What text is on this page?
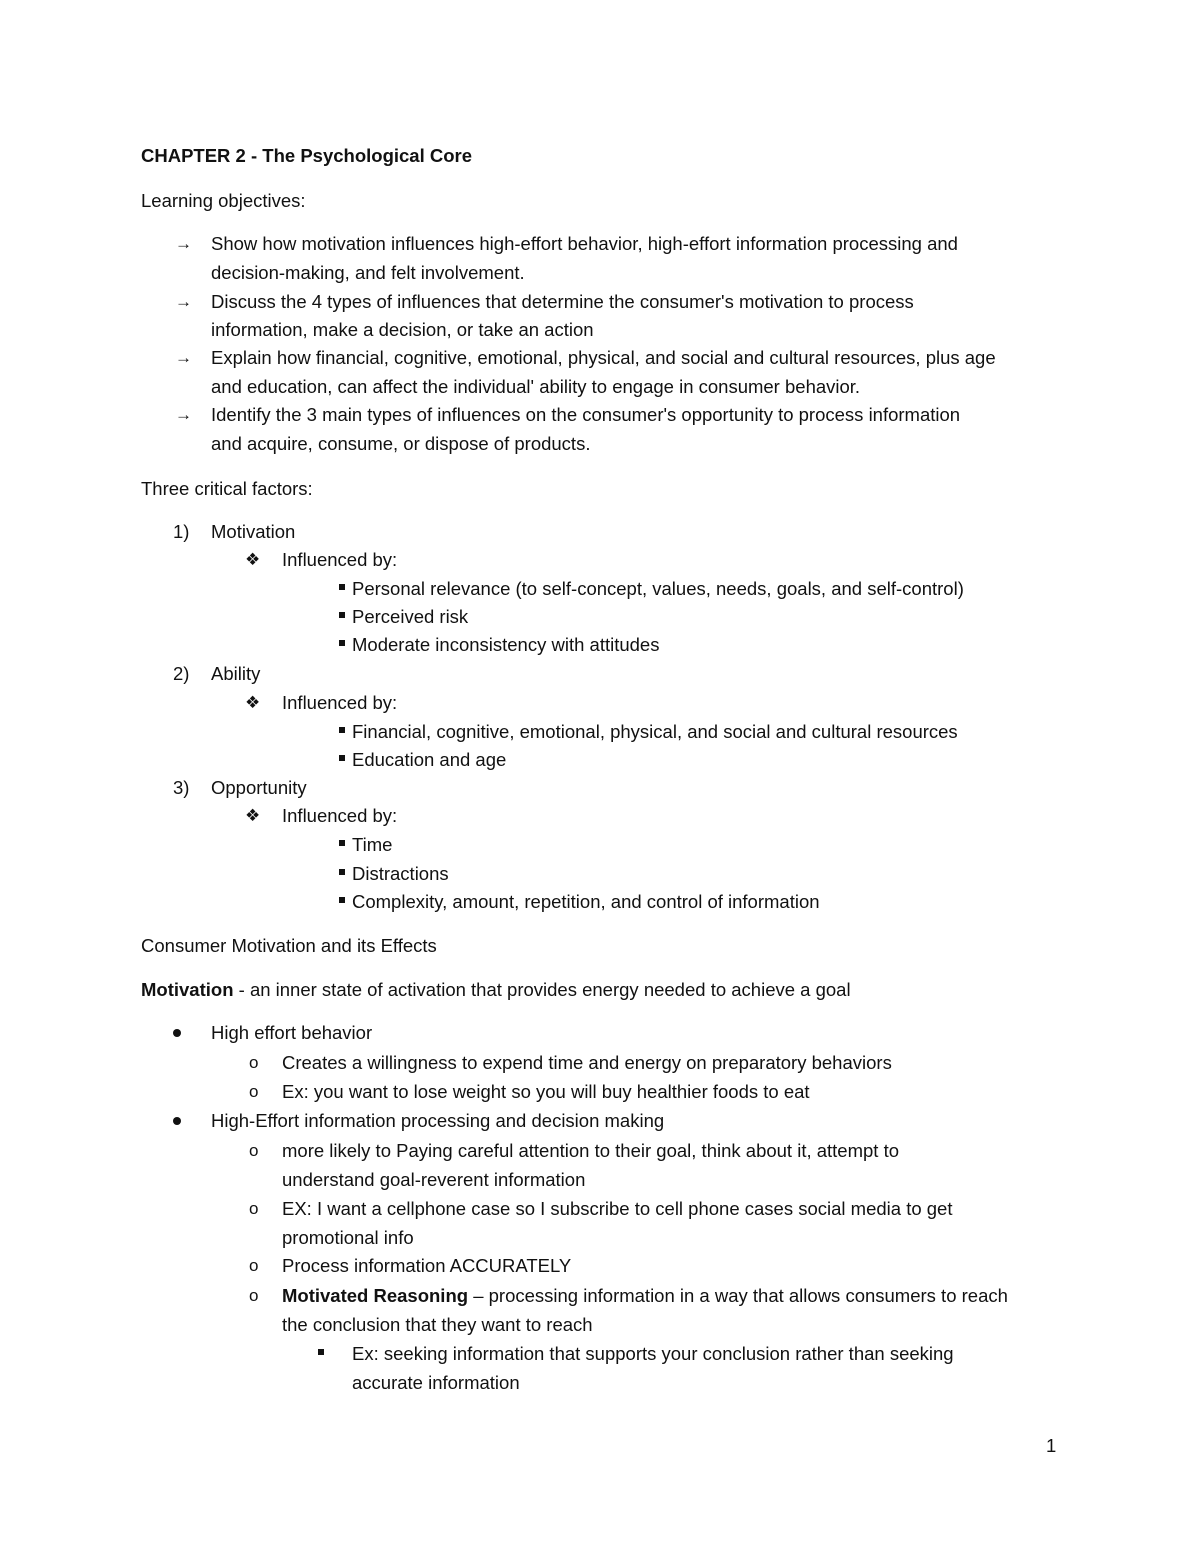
CHAPTER 2 - The Psychological Core
Learning objectives:
→ Show how motivation influences high-effort behavior, high-effort information processing and
decision-making, and felt involvement.
→ Discuss the 4 types of influences that determine the consumer's motivation to process
information, make a decision, or take an action
→ Explain how financial, cognitive, emotional, physical, and social and cultural resources, plus age
and education, can affect the individual' ability to engage in consumer behavior.
→ Identify the 3 main types of influences on the consumer's opportunity to process information
and acquire, consume, or dispose of products.
Three critical factors:
1) Motivation
❖ Influenced by:
Personal relevance (to self-concept, values, needs, goals, and self-control)
Perceived risk
Moderate inconsistency with attitudes
2) Ability
❖ Influenced by:
Financial, cognitive, emotional, physical, and social and cultural resources
Education and age
3) Opportunity
❖ Influenced by:
Time
Distractions
Complexity, amount, repetition, and control of information
Consumer Motivation and its Effects
Motivation - an inner state of activation that provides energy needed to achieve a goal
High effort behavior
o Creates a willingness to expend time and energy on preparatory behaviors
o Ex: you want to lose weight so you will buy healthier foods to eat
High-Effort information processing and decision making
o more likely to Paying careful attention to their goal, think about it, attempt to
understand goal-reverent information
o EX: I want a cellphone case so I subscribe to cell phone cases social media to get
promotional info
o Process information ACCURATELY
o Motivated Reasoning – processing information in a way that allows consumers to reach
the conclusion that they want to reach
Ex: seeking information that supports your conclusion rather than seeking
accurate information
1
